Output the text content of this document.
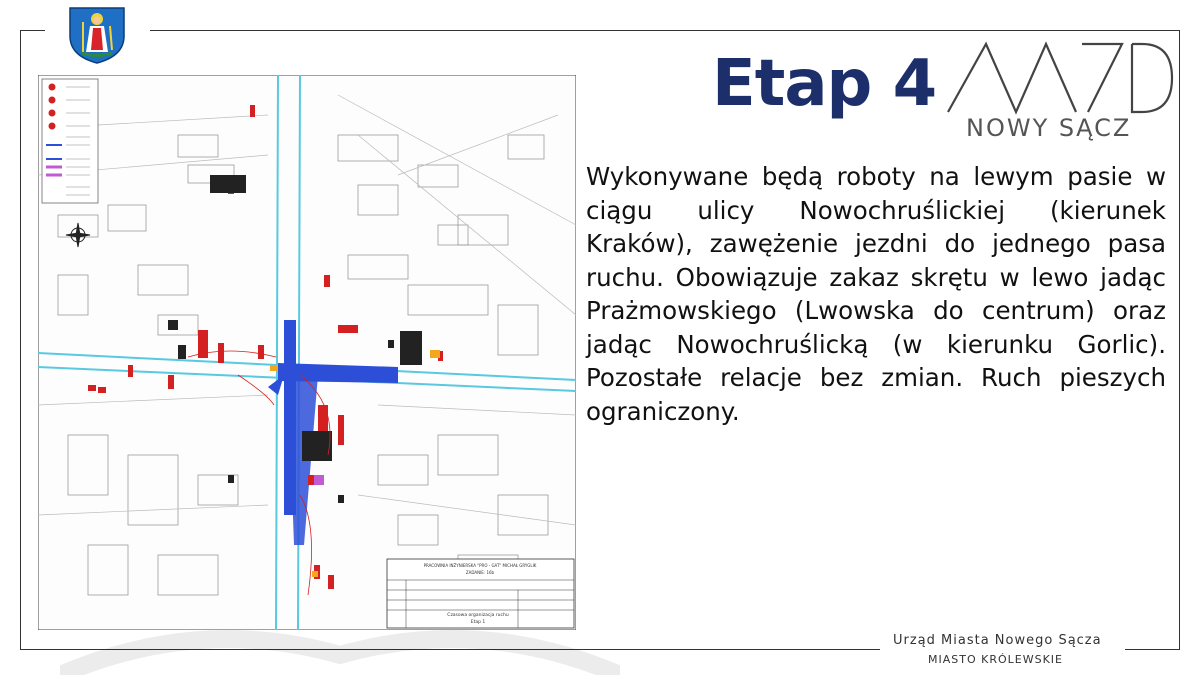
PRACOWNIA INŻYNIERSKA "PRO - GAT" MICHAŁ GRYGLIK
ZADANIE: 16b
Czasowa organizacja ruchu
Etap 1
Etap 4
NOWY SĄCZ

Wykonywane będą roboty na lewym pasie w ciągu ulicy Nowochruślickiej (kierunek Kraków), zawężenie jezdni do jednego pasa ruchu. Obowiązuje zakaz skrętu w lewo jadąc Prażmowskiego (Lwowska do centrum) oraz jadąc Nowochruślicką (w kierunku Gorlic). Pozostałe relacje bez zmian. Ruch pieszych ograniczony.

Urząd Miasta Nowego Sącza
MIASTO KRÓLEWSKIE
